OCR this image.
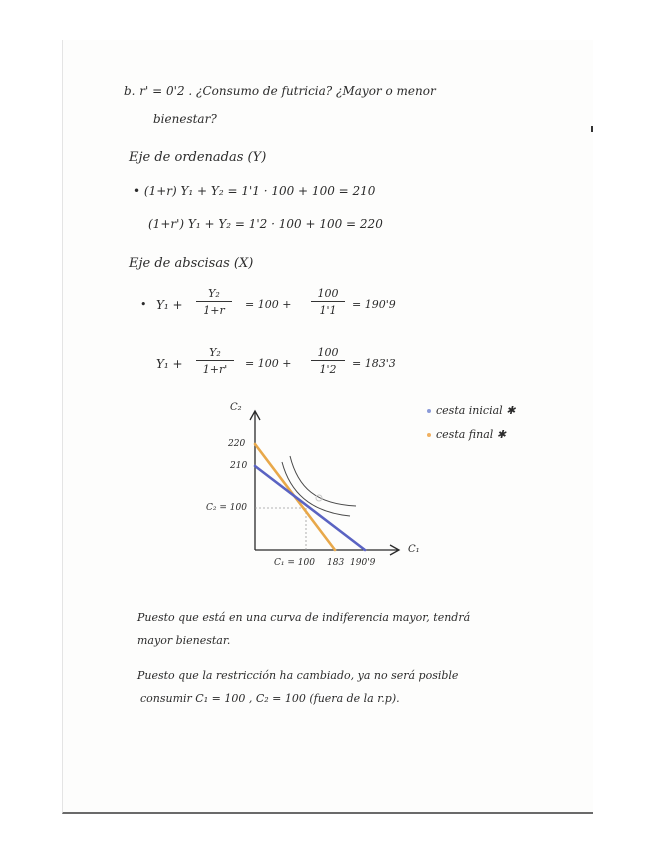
b. r' = 0'2 . ¿Consumo de futricia? ¿Mayor o menor
bienestar?
Eje de ordenadas (Y)
• (1+r) Y₁ + Y₂ = 1'1 · 100 + 100 = 210
(1+r') Y₁ + Y₂ = 1'2 · 100 + 100 = 220
Eje de abscisas (X)
• $Y_1 + \frac{\text{Y₂}}{1+r} = 100 + \frac{100}{1'1} = 190'9$
$Y_1 + \frac{\text{Y₂}}{1+r'} = 100 + \frac{100}{1'2} = 183'3$
C₂
C₁
220
210
C₂ = 100
C₁ = 100 183 190'9
cesta inicial ✱
cesta final ✱
Puesto que está en una curva de indiferencia mayor, tendrá
mayor bienestar.
Puesto que la restricción ha cambiado, ya no será posible
consumir C₁ = 100 , C₂ = 100 (fuera de la r.p).
